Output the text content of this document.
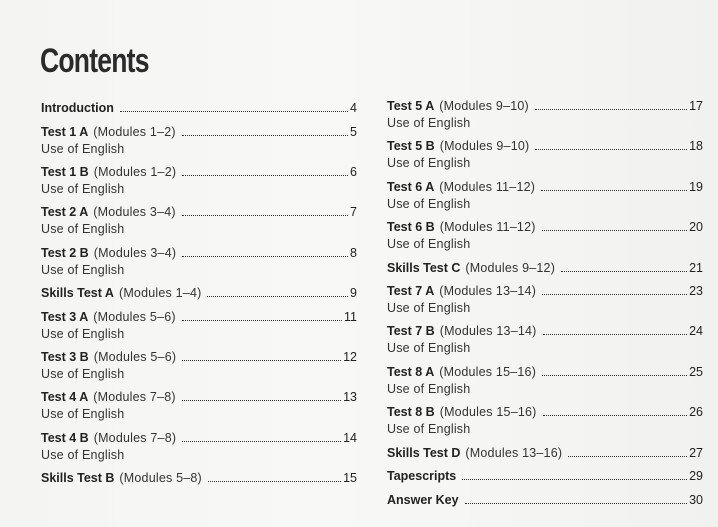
Contents
Introduction	4
Test 1 A (Modules 1–2)	5
Use of English
Test 1 B (Modules 1–2)	6
Use of English
Test 2 A (Modules 3–4)	7
Use of English
Test 2 B (Modules 3–4)	8
Use of English
Skills Test A (Modules 1–4)	9
Test 3 A (Modules 5–6)	11
Use of English
Test 3 B (Modules 5–6)	12
Use of English
Test 4 A (Modules 7–8)	13
Use of English
Test 4 B (Modules 7–8)	14
Use of English
Skills Test B (Modules 5–8)	15
Test 5 A (Modules 9–10)	17
Use of English
Test 5 B (Modules 9–10)	18
Use of English
Test 6 A (Modules 11–12)	19
Use of English
Test 6 B (Modules 11–12)	20
Use of English
Skills Test C (Modules 9–12)	21
Test 7 A (Modules 13–14)	23
Use of English
Test 7 B (Modules 13–14)	24
Use of English
Test 8 A (Modules 15–16)	25
Use of English
Test 8 B (Modules 15–16)	26
Use of English
Skills Test D (Modules 13–16)	27
Tapescripts	29
Answer Key	30
